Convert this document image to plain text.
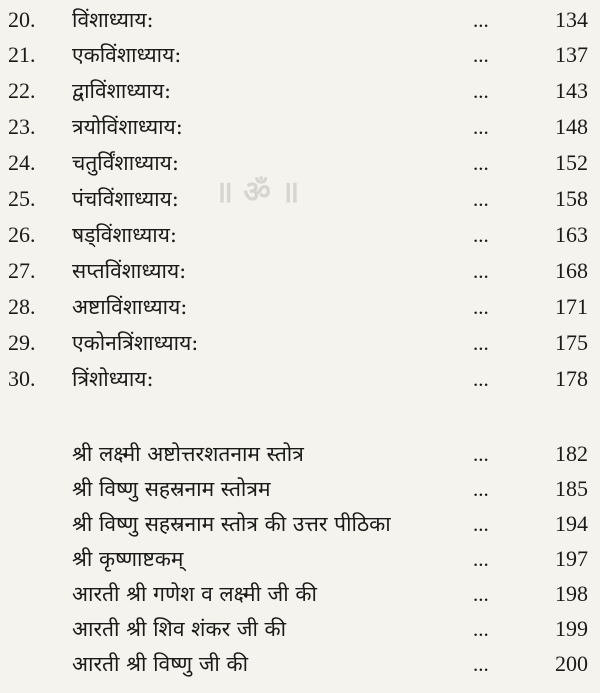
॥ ॐ ॥
20. विंशाध्याय:	...	134
21. एकविंशाध्याय:	...	137
22. द्वाविंशाध्याय:	...	143
23. त्रयोविंशाध्याय:	...	148
24. चतुर्विंशाध्याय:	...	152
25. पंचविंशाध्याय:	...	158
26. षड्विंशाध्याय:	...	163
27. सप्तविंशाध्याय:	...	168
28. अष्टाविंशाध्याय:	...	171
29. एकोनत्रिंशाध्याय:	...	175
30. त्रिंशोध्याय:	...	178
श्री लक्ष्मी अष्टोत्तरशतनाम स्तोत्र	...	182
श्री विष्णु सहस्रनाम स्तोत्रम	...	185
श्री विष्णु सहस्रनाम स्तोत्र की उत्तर पीठिका	...	194
श्री कृष्णाष्टकम्	...	197
आरती श्री गणेश व लक्ष्मी जी की	...	198
आरती श्री शिव शंकर जी की	...	199
आरती श्री विष्णु जी की	...	200
